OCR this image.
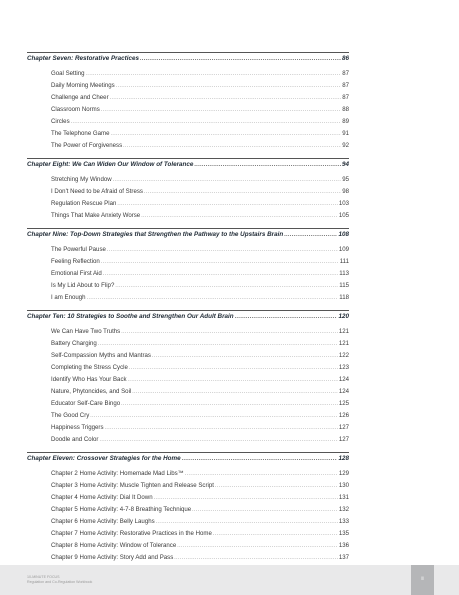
Chapter Seven: Restorative Practices .....	86
Goal Setting .....	87
Daily Morning Meetings .....	87
Challenge and Cheer .....	87
Classroom Norms .....	88
Circles .....	89
The Telephone Game .....	91
The Power of Forgiveness .....	92
Chapter Eight: We Can Widen Our Window of Tolerance .....	94
Stretching My Window .....	95
I Don't Need to be Afraid of Stress .....	98
Regulation Rescue Plan .....	103
Things That Make Anxiety Worse .....	105
Chapter Nine: Top-Down Strategies that Strengthen the Pathway to the Upstairs Brain .....	108
The Powerful Pause .....	109
Feeling Reflection .....	111
Emotional First Aid .....	113
Is My Lid About to Flip? .....	115
I am Enough .....	118
Chapter Ten: 10 Strategies to Soothe and Strengthen Our Adult Brain .....	120
We Can Have Two Truths .....	121
Battery Charging .....	121
Self-Compassion Myths and Mantras .....	122
Completing the Stress Cycle .....	123
Identify Who Has Your Back .....	124
Nature, Phytoncides, and Soil .....	124
Educator Self-Care Bingo .....	125
The Good Cry .....	126
Happiness Triggers .....	127
Doodle and Color .....	127
Chapter Eleven: Crossover Strategies for the Home .....	128
Chapter 2 Home Activity: Homemade Mad Libs™ .....	129
Chapter 3 Home Activity: Muscle Tighten and Release Script .....	130
Chapter 4 Home Activity: Dial It Down .....	131
Chapter 5 Home Activity: 4-7-8 Breathing Technique .....	132
Chapter 6 Home Activity: Belly Laughs .....	133
Chapter 7 Home Activity: Restorative Practices in the Home .....	135
Chapter 8 Home Activity: Window of Tolerance .....	136
Chapter 9 Home Activity: Story Add and Pass .....	137
10-MINUTE FOCUS
Regulation and Co-Regulation Workbook	ii
